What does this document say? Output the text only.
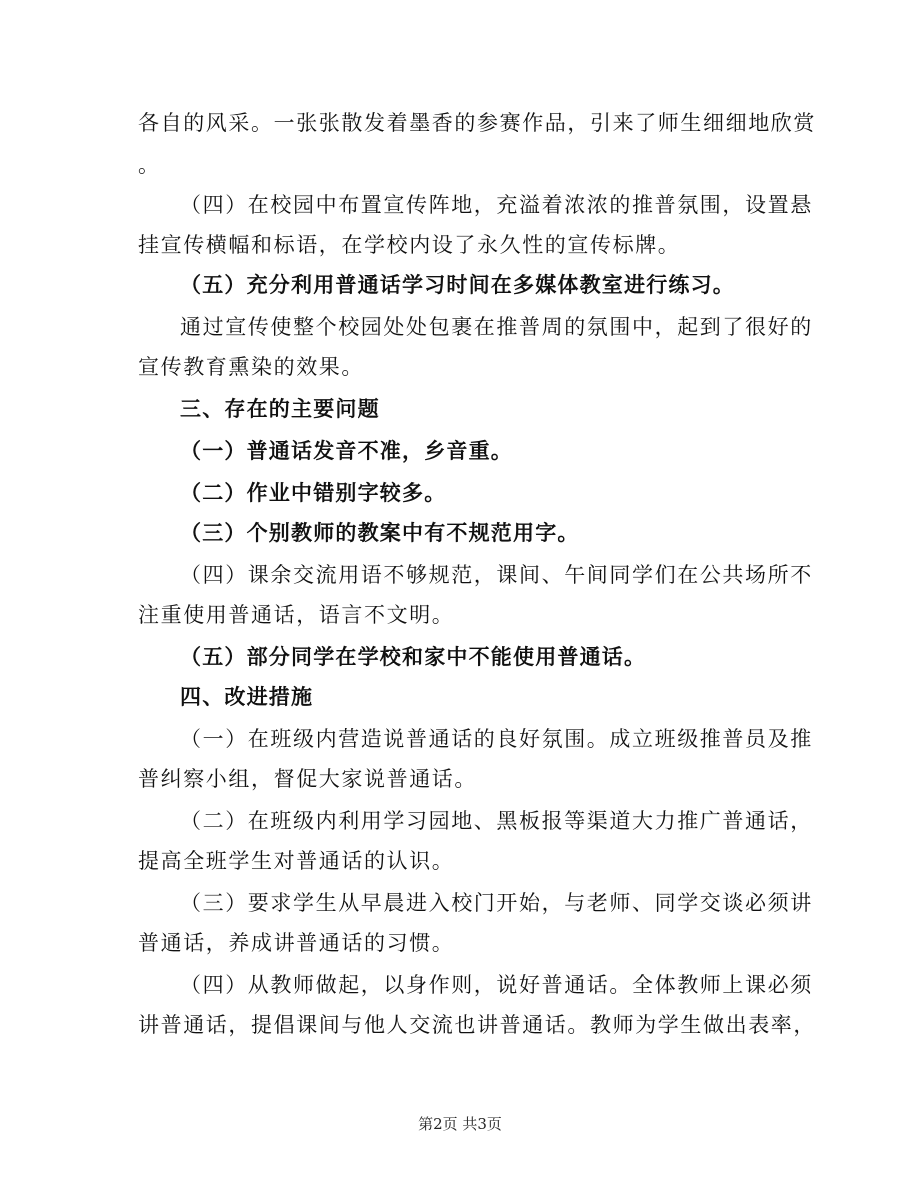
各自的风采。一张张散发着墨香的参赛作品，引来了师生细细地欣赏
。
（四）在校园中布置宣传阵地，充溢着浓浓的推普氛围，设置悬
挂宣传横幅和标语，在学校内设了永久性的宣传标牌。
（五）充分利用普通话学习时间在多媒体教室进行练习。
通过宣传使整个校园处处包裹在推普周的氛围中，起到了很好的
宣传教育熏染的效果。
三、存在的主要问题
（一）普通话发音不准，乡音重。
（二）作业中错别字较多。
（三）个别教师的教案中有不规范用字。
（四）课余交流用语不够规范，课间、午间同学们在公共场所不
注重使用普通话，语言不文明。
（五）部分同学在学校和家中不能使用普通话。
四、改进措施
（一）在班级内营造说普通话的良好氛围。成立班级推普员及推
普纠察小组，督促大家说普通话。
（二）在班级内利用学习园地、黑板报等渠道大力推广普通话，
提高全班学生对普通话的认识。
（三）要求学生从早晨进入校门开始，与老师、同学交谈必须讲
普通话，养成讲普通话的习惯。
（四）从教师做起，以身作则，说好普通话。全体教师上课必须
讲普通话，提倡课间与他人交流也讲普通话。教师为学生做出表率，
第2页 共3页
